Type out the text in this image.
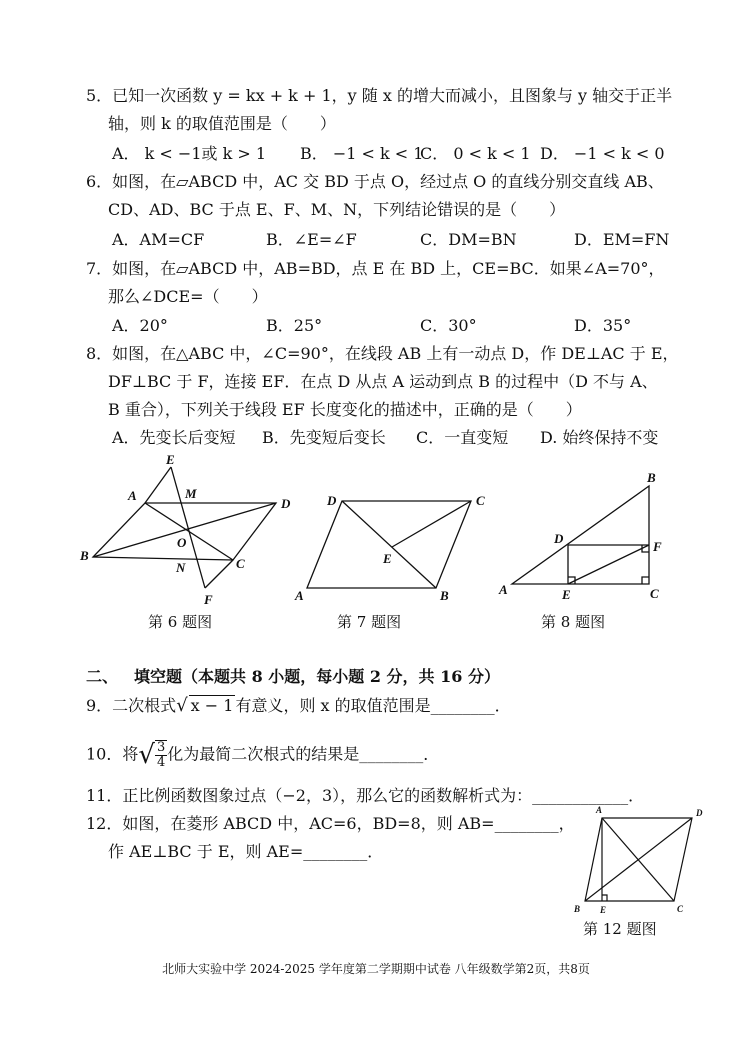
5．已知一次函数 y = kx + k + 1，y 随 x 的增大而减小，且图象与 y 轴交于正半
轴，则 k 的取值范围是（　　）
A． k < −1或 k > 1 B． −1 < k < 1
C． 0 < k < 1 D． −1 < k < 0
6．如图，在▱ABCD 中，AC 交 BD 于点 O，经过点 O 的直线分别交直线 AB、
CD、AD、BC 于点 E、F、M、N，下列结论错误的是（　　）
A．AM=CF	B．∠E=∠F	C．DM=BN	D．EM=FN
7．如图，在▱ABCD 中，AB=BD，点 E 在 BD 上，CE=BC．如果∠A=70°，
那么∠DCE=（　　）
A．20°	B．25°	C．30°	D．35°
8．如图，在△ABC 中，∠C=90°，在线段 AB 上有一动点 D，作 DE⊥AC 于 E，
DF⊥BC 于 F，连接 EF．在点 D 从点 A 运动到点 B 的过程中（D 不与 A、
B 重合），下列关于线段 EF 长度变化的描述中，正确的是（　　）
A．先变长后变短 B．先变短后变长 C．一直变短 D. 始终保持不变
A
B
C
D
E
F
M
N
O
D	C
A	B
E
B
D
F
A	E	C
第 6 题图	第 7 题图	第 8 题图
二、 填空题（本题共 8 小题，每小题 2 分，共 16 分）
9．二次根式√ x − 1 有意义，则 x 的取值范围是________．
10．将√ $\frac{3}{4}$ 化为最简二次根式的结果是________．
11．正比例函数图象过点（−2，3），那么它的函数解析式为：____________．
12．如图，在菱形 ABCD 中，AC=6，BD=8，则 AB=________，
作 AE⊥BC 于 E，则 AE=________．
A	D
B E	C
第 12 题图
北师大实验中学 2024-2025 学年度第二学期期中试卷 八年级数学第2页，共8页
